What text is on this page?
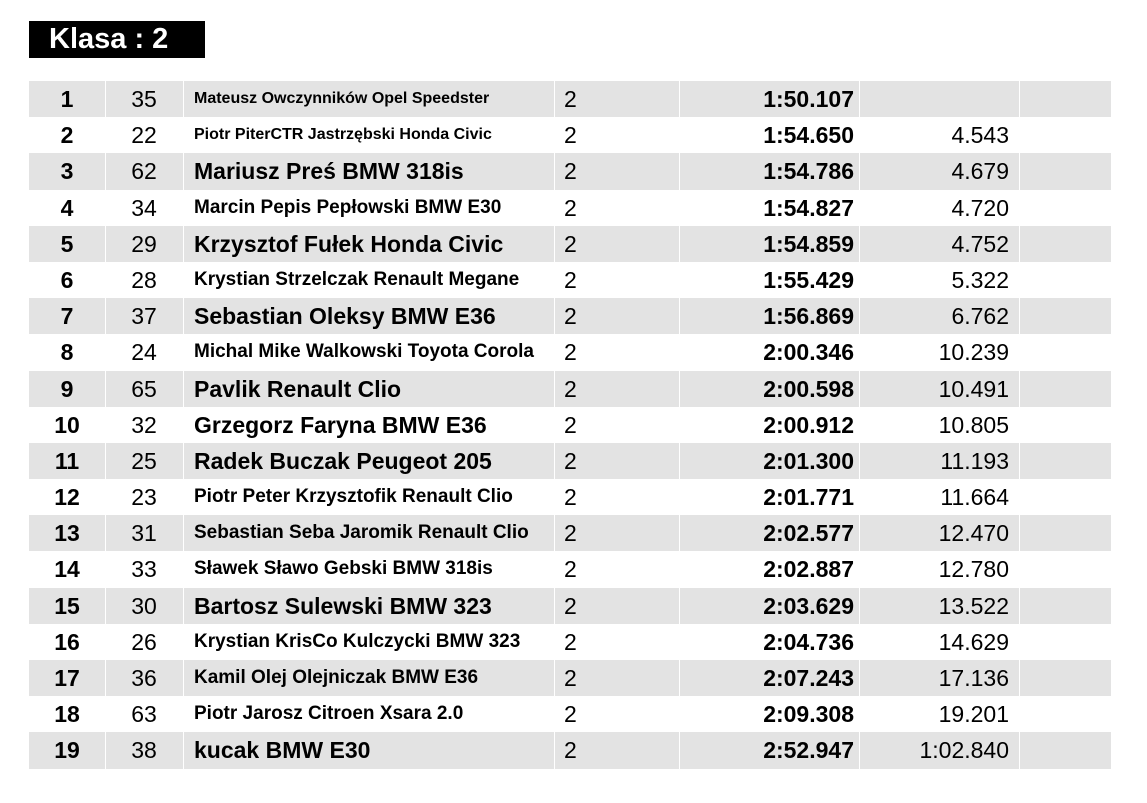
Klasa : 2
1	35	Mateusz Owczynników Opel Speedster	2	1:50.107
2	22	Piotr PiterCTR Jastrzębski Honda Civic	2	1:54.650	4.543
3	62	Mariusz Preś BMW 318is	2	1:54.786	4.679
4	34	Marcin Pepis Pepłowski BMW E30	2	1:54.827	4.720
5	29	Krzysztof Fułek Honda Civic	2	1:54.859	4.752
6	28	Krystian Strzelczak Renault Megane	2	1:55.429	5.322
7	37	Sebastian Oleksy BMW E36	2	1:56.869	6.762
8	24	Michal Mike Walkowski Toyota Corola	2	2:00.346	10.239
9	65	Pavlik Renault Clio	2	2:00.598	10.491
10	32	Grzegorz Faryna BMW E36	2	2:00.912	10.805
11	25	Radek Buczak Peugeot 205	2	2:01.300	11.193
12	23	Piotr Peter Krzysztofik Renault Clio	2	2:01.771	11.664
13	31	Sebastian Seba Jaromik Renault Clio	2	2:02.577	12.470
14	33	Sławek Sławo Gebski BMW 318is	2	2:02.887	12.780
15	30	Bartosz Sulewski BMW 323	2	2:03.629	13.522
16	26	Krystian KrisCo Kulczycki BMW 323	2	2:04.736	14.629
17	36	Kamil Olej Olejniczak BMW E36	2	2:07.243	17.136
18	63	Piotr Jarosz Citroen Xsara 2.0	2	2:09.308	19.201
19	38	kucak BMW E30	2	2:52.947	1:02.840
